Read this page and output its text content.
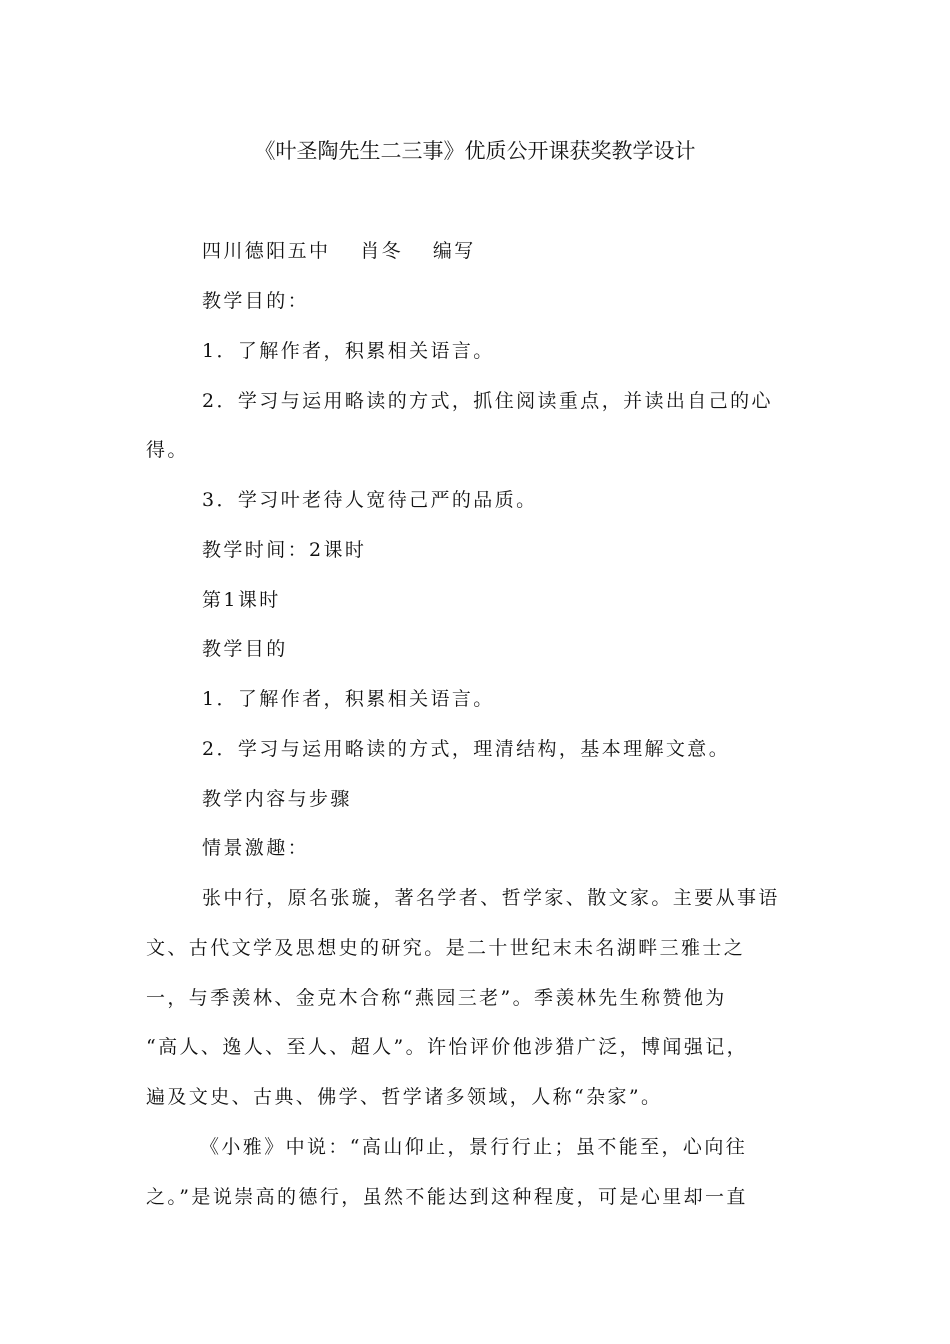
《叶圣陶先生二三事》优质公开课获奖教学设计
四川德阳五中　 肖冬　 编写
教学目的：
1．了解作者，积累相关语言。
2．学习与运用略读的方式，抓住阅读重点，并读出自己的心
得。
3．学习叶老待人宽待己严的品质。
教学时间：2课时
第1课时
教学目的
1．了解作者，积累相关语言。
2．学习与运用略读的方式，理清结构，基本理解文意。
教学内容与步骤
情景激趣：
张中行，原名张璇，著名学者、哲学家、散文家。主要从事语
文、古代文学及思想史的研究。是二十世纪末未名湖畔三雅士之
一，与季羡林、金克木合称“燕园三老”。季羡林先生称赞他为
“高人、逸人、至人、超人”。许怡评价他涉猎广泛，博闻强记，
遍及文史、古典、佛学、哲学诸多领域，人称“杂家”。
《小雅》中说：“高山仰止，景行行止；虽不能至，心向往
之。”是说崇高的德行，虽然不能达到这种程度，可是心里却一直
